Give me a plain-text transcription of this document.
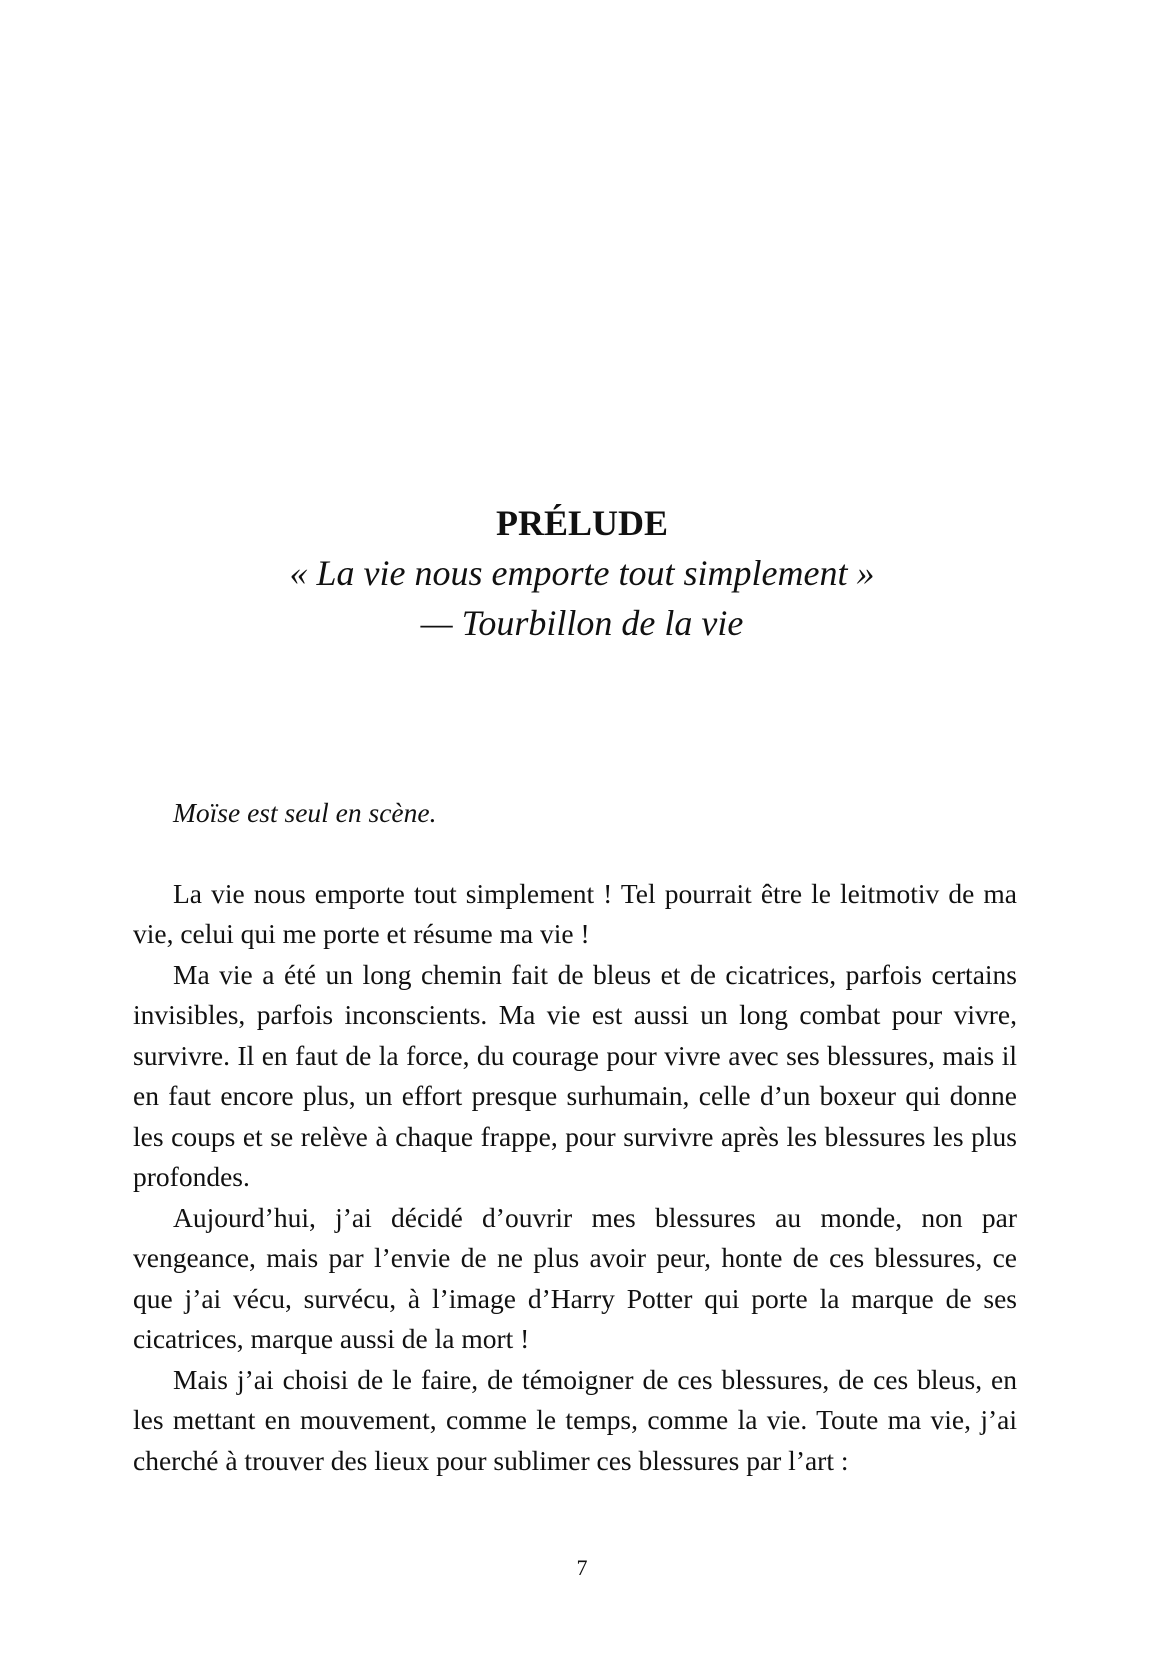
PRÉLUDE

« La vie nous emporte tout simplement »

— Tourbillon de la vie

Moïse est seul en scène.

La vie nous emporte tout simplement ! Tel pourrait être le leitmotiv de ma vie, celui qui me porte et résume ma vie !

Ma vie a été un long chemin fait de bleus et de cicatrices, parfois certains invisibles, parfois inconscients. Ma vie est aussi un long combat pour vivre, survivre. Il en faut de la force, du courage pour vivre avec ses blessures, mais il en faut encore plus, un effort presque surhumain, celle d’un boxeur qui donne les coups et se relève à chaque frappe, pour survivre après les blessures les plus profondes.

Aujourd’hui, j’ai décidé d’ouvrir mes blessures au monde, non par vengeance, mais par l’envie de ne plus avoir peur, honte de ces blessures, ce que j’ai vécu, survécu, à l’image d’Harry Potter qui porte la marque de ses cicatrices, marque aussi de la mort !

Mais j’ai choisi de le faire, de témoigner de ces blessures, de ces bleus, en les mettant en mouvement, comme le temps, comme la vie. Toute ma vie, j’ai cherché à trouver des lieux pour sublimer ces blessures par l’art :

7
